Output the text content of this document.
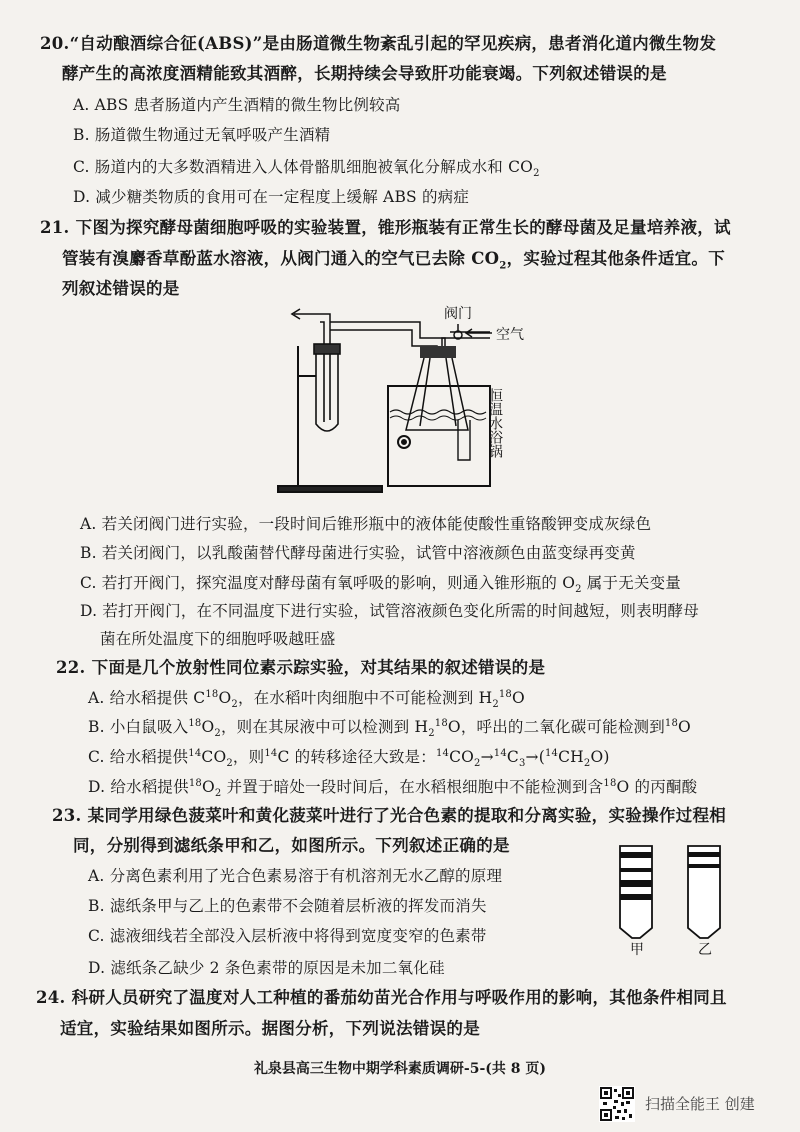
20.“自动酿酒综合征(ABS)”是由肠道微生物紊乱引起的罕见疾病，患者消化道内微生物发
酵产生的高浓度酒精能致其酒醉，长期持续会导致肝功能衰竭。下列叙述错误的是
A. ABS 患者肠道内产生酒精的微生物比例较高
B. 肠道微生物通过无氧呼吸产生酒精
C. 肠道内的大多数酒精进入人体骨骼肌细胞被氧化分解成水和 $CO_2$
D. 减少糖类物质的食用可在一定程度上缓解 ABS 的病症
21. 下图为探究酵母菌细胞呼吸的实验装置，锥形瓶装有正常生长的酵母菌及足量培养液，试
管装有溴麝香草酚蓝水溶液，从阀门通入的空气已去除 $CO_2$，实验过程其他条件适宜。下
列叙述错误的是
阀门
空气
恒温水浴锅
A. 若关闭阀门进行实验，一段时间后锥形瓶中的液体能使酸性重铬酸钾变成灰绿色
B. 若关闭阀门，以乳酸菌替代酵母菌进行实验，试管中溶液颜色由蓝变绿再变黄
C. 若打开阀门，探究温度对酵母菌有氧呼吸的影响，则通入锥形瓶的 $O_2$ 属于无关变量
D. 若打开阀门，在不同温度下进行实验，试管溶液颜色变化所需的时间越短，则表明酵母
菌在所处温度下的细胞呼吸越旺盛
22. 下面是几个放射性同位素示踪实验，对其结果的叙述错误的是
A. 给水稻提供 $C^{18}O_2$，在水稻叶肉细胞中不可能检测到 $H_2^{18}O$
B. 小白鼠吸入$^{18}O_2$，则在其尿液中可以检测到 $H_2^{18}O$，呼出的二氧化碳可能检测到$^{18}$O
C. 给水稻提供$^{14}CO_2$，则$^{14}$C 的转移途径大致是：$^{14}CO_2\to^{14}C_3\to(^{14}CH_2O)$
D. 给水稻提供$^{18}O_2$ 并置于暗处一段时间后，在水稻根细胞中不能检测到含$^{18}$O 的丙酮酸
23. 某同学用绿色菠菜叶和黄化菠菜叶进行了光合色素的提取和分离实验，实验操作过程相
同，分别得到滤纸条甲和乙，如图所示。下列叙述正确的是
A. 分离色素利用了光合色素易溶于有机溶剂无水乙醇的原理
B. 滤纸条甲与乙上的色素带不会随着层析液的挥发而消失
C. 滤液细线若全部没入层析液中将得到宽度变窄的色素带
D. 滤纸条乙缺少 2 条色素带的原因是未加二氧化硅
甲	乙
24. 科研人员研究了温度对人工种植的番茄幼苗光合作用与呼吸作用的影响，其他条件相同且
适宜，实验结果如图所示。据图分析，下列说法错误的是
礼泉县高三生物中期学科素质调研-5-(共 8 页)
扫描全能王 创建
